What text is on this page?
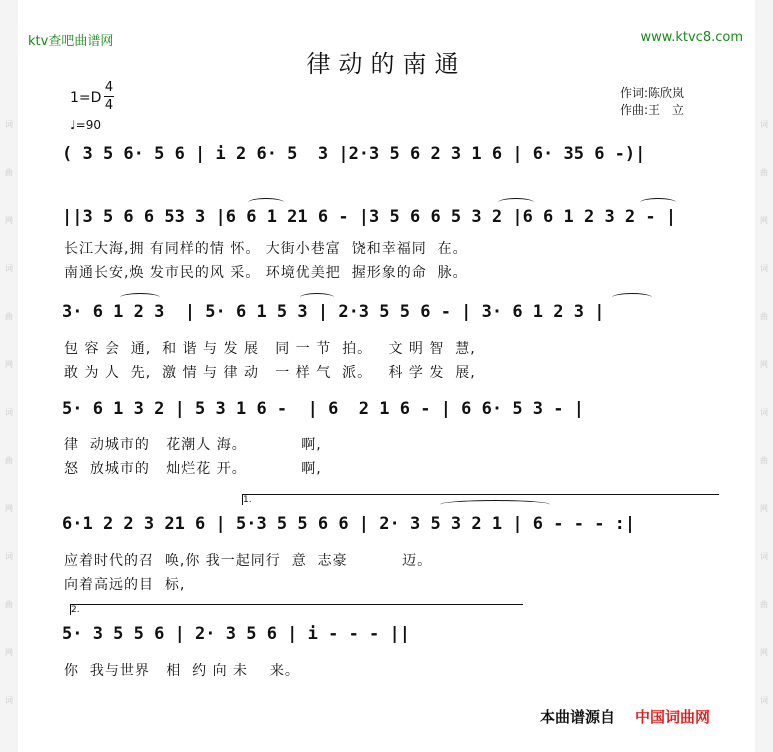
词
曲
网
词
曲
网
词
曲
网
词
曲
网
词
词
曲
网
词
曲
网
词
曲
网
词
曲
网
词
ktv查吧曲谱网	www.ktvc8.com
律动的南通
1=D
4
4
♩=90
作词:陈欣岚
作曲:王　立
( 3 5 6· 5 6 | i 2 6· 5  3 |2·3 5 6 2 3 1 6 | 6· 35 6 -)|
||3 5 6 6 53 3 |6 6 1 21 6 - |3 5 6 6 5 3 2 |6 6 1 2 3 2 - |
3· 6 1 2 3  | 5· 6 1 5 3 | 2·3 5 5 6 - | 3· 6 1 2 3 |
5· 6 1 3 2 | 5 3 1 6 -  | 6  2 1 6 - | 6 6· 5 3 - |
6·1 2 2 3 21 6 | 5·3 5 5 6 6 | 2· 3 5 3 2 1 | 6 - - - :|
5· 3 5 5 6 | 2· 3 5 6 | i - - - ||
长江大海,拥 有同样的情 怀。 大街小巷富  饶和幸福同  在。
南通长安,焕 发市民的风 采。 环境优美把  握形象的命  脉。
包 容 会  通,  和 谐 与 发 展   同 一 节  拍。   文 明 智  慧,
敢 为 人  先,  激 情 与 律 动   一 样 气  派。   科 学 发  展,
律  动城市的   花潮人 海。          啊,
怒  放城市的   灿烂花 开。          啊,
应着时代的召  唤,你 我一起同行  意  志豪          迈。
向着高远的目  标,
你  我与世界   相  约 向 未    来。
1.
2.
本曲谱源自 中国词曲网
